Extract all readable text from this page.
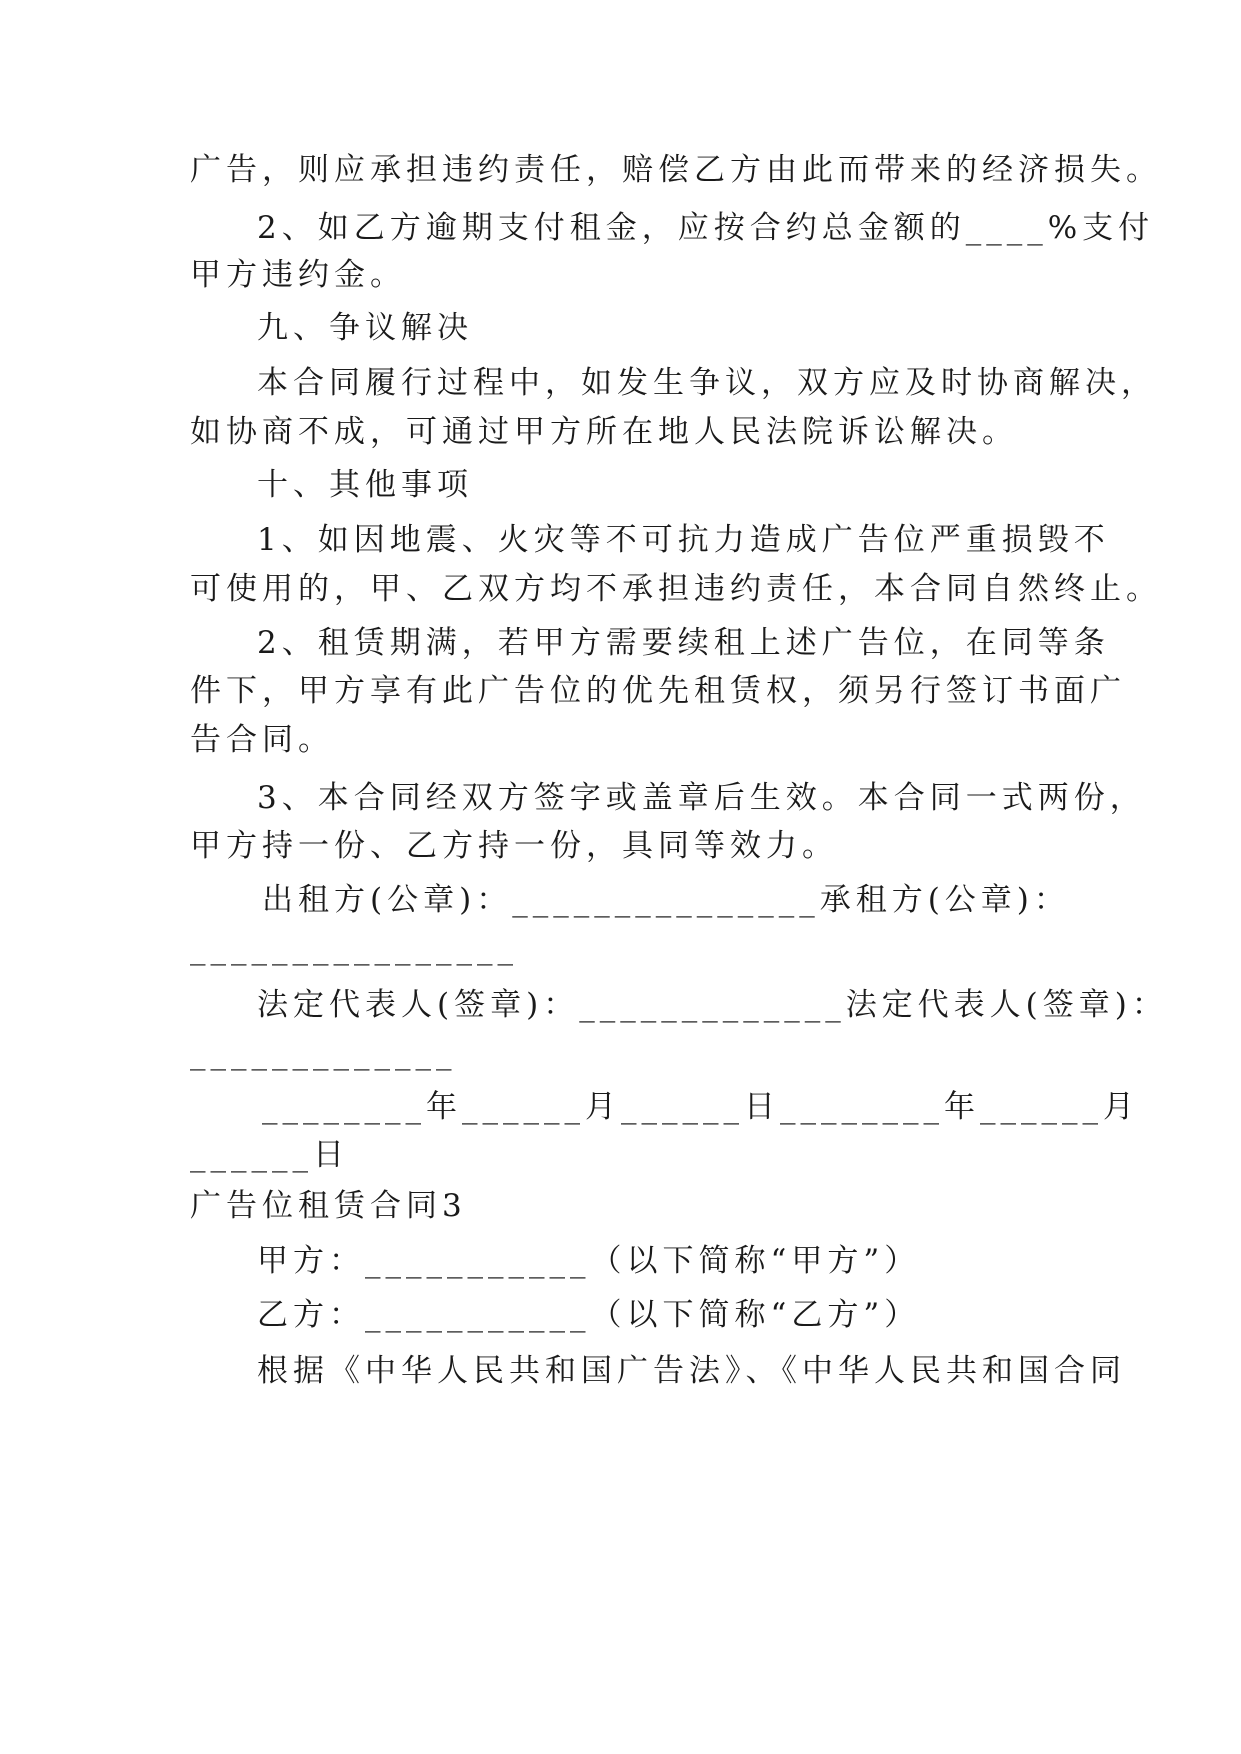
广告，则应承担违约责任，赔偿乙方由此而带来的经济损失。
2、如乙方逾期支付租金，应按合约总金额的____%支付
甲方违约金。
九、争议解决
本合同履行过程中，如发生争议，双方应及时协商解决，
如协商不成，可通过甲方所在地人民法院诉讼解决。
十、其他事项
1、如因地震、火灾等不可抗力造成广告位严重损毁不
可使用的，甲、乙双方均不承担违约责任，本合同自然终止。
2、租赁期满，若甲方需要续租上述广告位，在同等条
件下，甲方享有此广告位的优先租赁权，须另行签订书面广
告合同。
3、本合同经双方签字或盖章后生效。本合同一式两份，
甲方持一份、乙方持一份，具同等效力。
出租方(公章)：_______________承租方(公章)：
________________
法定代表人(签章)：_____________法定代表人(签章)：
_____________
________年______月______日________年______月
______日
广告位租赁合同3
甲方：___________（以下简称“甲方”）
乙方：___________（以下简称“乙方”）
根据《中华人民共和国广告法》、《中华人民共和国合同
